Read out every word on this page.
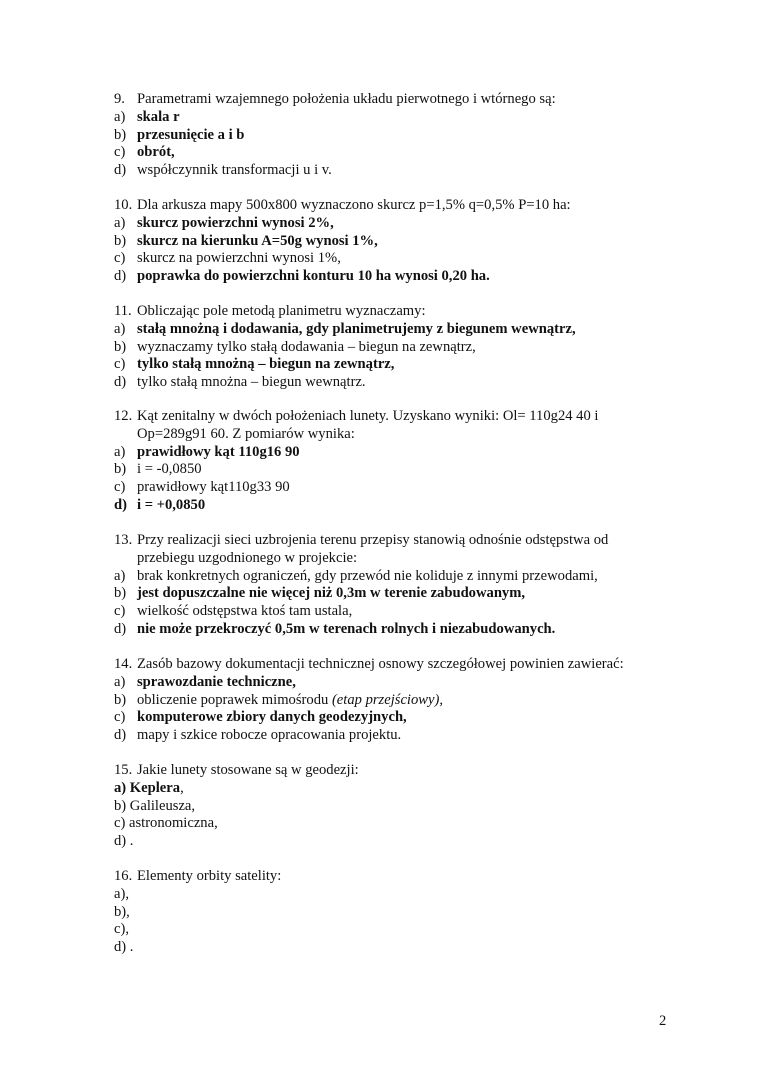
9. Parametrami wzajemnego położenia układu pierwotnego i wtórnego są:
a) skala r
b) przesunięcie a i b
c) obrót,
d) współczynnik transformacji u i v.
10. Dla arkusza mapy 500x800 wyznaczono skurcz p=1,5% q=0,5% P=10 ha:
a) skurcz powierzchni wynosi 2%,
b) skurcz na kierunku A=50g wynosi 1%,
c) skurcz na powierzchni wynosi 1%,
d) poprawka do powierzchni konturu 10 ha wynosi 0,20 ha.
11. Obliczając pole metodą planimetru wyznaczamy:
a) stałą mnożną i dodawania, gdy planimetrujemy z biegunem wewnątrz,
b) wyznaczamy tylko stałą dodawania – biegun na zewnątrz,
c) tylko stałą mnożną – biegun na zewnątrz,
d) tylko stałą mnożna – biegun wewnątrz.
12. Kąt zenitalny w dwóch położeniach lunety. Uzyskano wyniki: Ol= 110g24 40 i
Op=289g91 60. Z pomiarów wynika:
a) prawidłowy kąt 110g16 90
b) i = -0,0850
c) prawidłowy kąt110g33 90
d) i = +0,0850
13. Przy realizacji sieci uzbrojenia terenu przepisy stanowią odnośnie odstępstwa od
przebiegu uzgodnionego w projekcie:
a) brak konkretnych ograniczeń, gdy przewód nie koliduje z innymi przewodami,
b) jest dopuszczalne nie więcej niż 0,3m w terenie zabudowanym,
c) wielkość odstępstwa ktoś tam ustala,
d) nie może przekroczyć 0,5m w terenach rolnych i niezabudowanych.
14. Zasób bazowy dokumentacji technicznej osnowy szczegółowej powinien zawierać:
a) sprawozdanie techniczne,
b) obliczenie poprawek mimośrodu (etap przejściowy),
c) komputerowe zbiory danych geodezyjnych,
d) mapy i szkice robocze opracowania projektu.
15. Jakie lunety stosowane są w geodezji:
a) Keplera,
b) Galileusza,
c) astronomiczna,
d) .
16. Elementy orbity satelity:
a),
b),
c),
d) .
2
